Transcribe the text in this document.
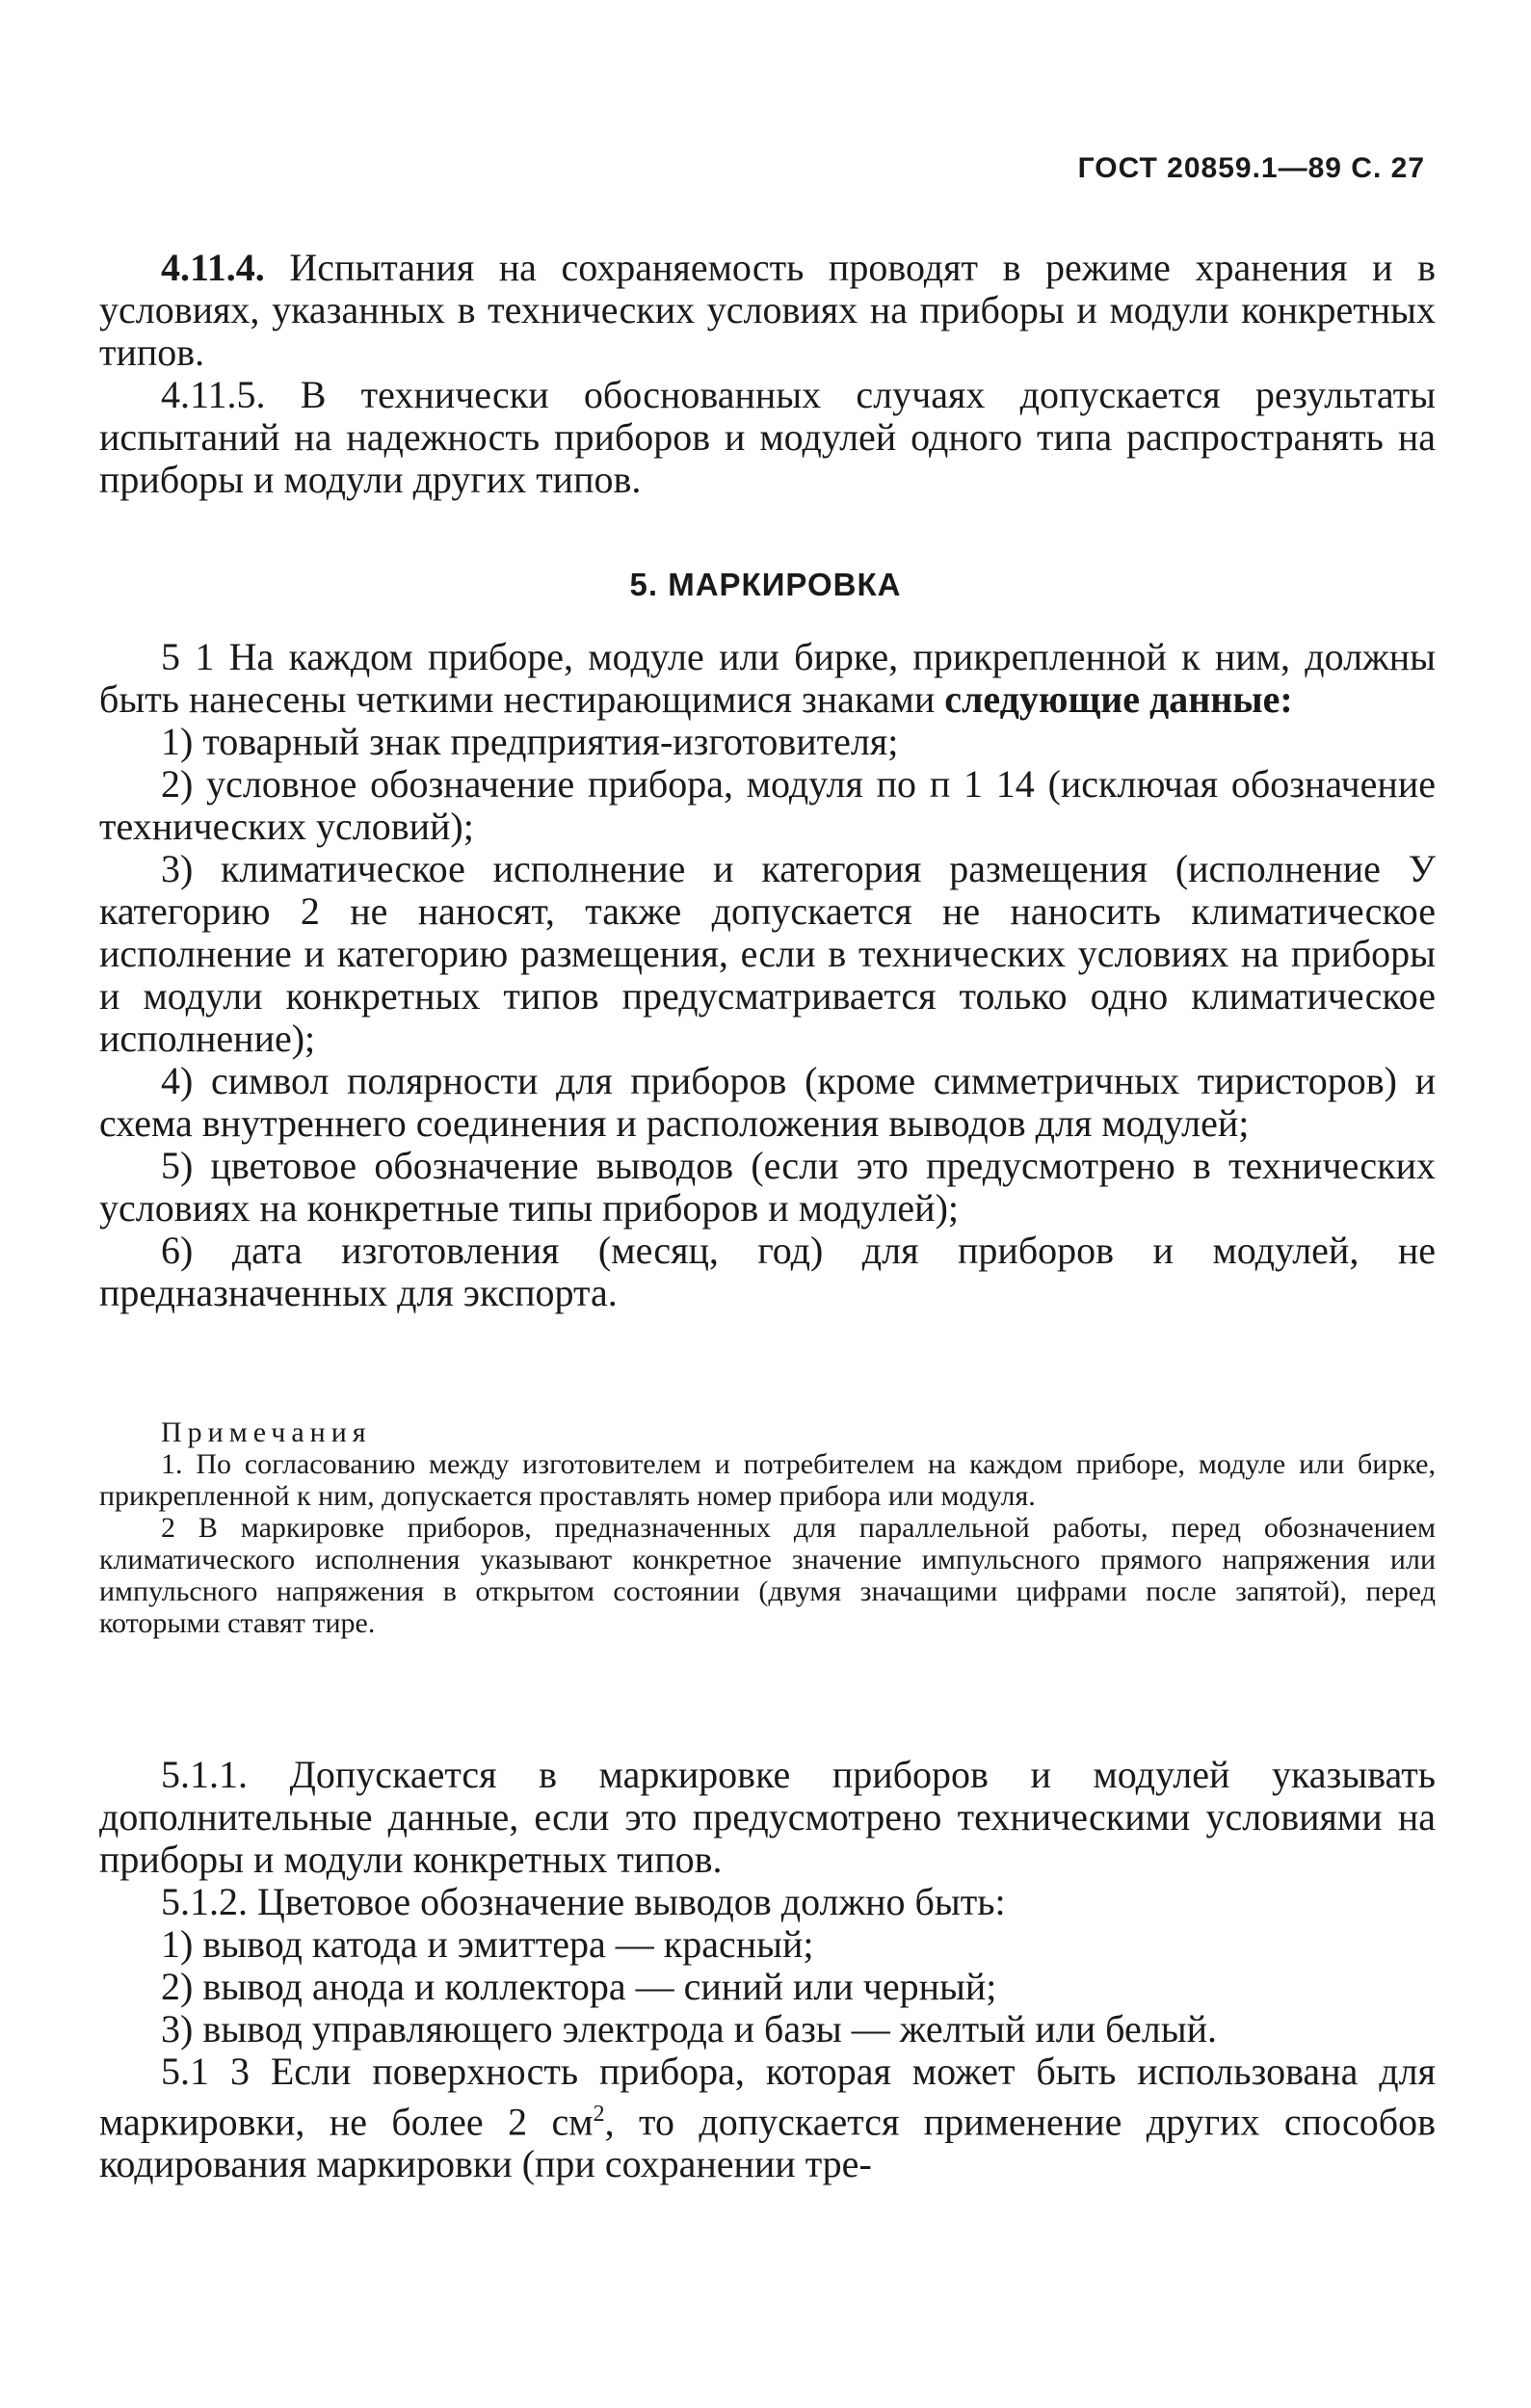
ГОСТ 20859.1—89 С. 27

4.11.4. Испытания на сохраняемость проводят в режиме хранения и в условиях, указанных в технических условиях на приборы и модули конкретных типов.

4.11.5. В технически обоснованных случаях допускается результаты испытаний на надежность приборов и модулей одного типа распространять на приборы и модули других типов.

5. МАРКИРОВКА

5 1 На каждом приборе, модуле или бирке, прикрепленной к ним, должны быть нанесены четкими нестирающимися знаками следующие данные:

1) товарный знак предприятия-изготовителя;

2) условное обозначение прибора, модуля по п 1 14 (исключая обозначение технических условий);

3) климатическое исполнение и категория размещения (исполнение У категорию 2 не наносят, также допускается не наносить климатическое исполнение и категорию размещения, если в технических условиях на приборы и модули конкретных типов предусматривается только одно климатическое исполнение);

4) символ полярности для приборов (кроме симметричных тиристоров) и схема внутреннего соединения и расположения выводов для модулей;

5) цветовое обозначение выводов (если это предусмотрено в технических условиях на конкретные типы приборов и модулей);

6) дата изготовления (месяц, год) для приборов и модулей, не предназначенных для экспорта.

Примечания

1. По согласованию между изготовителем и потребителем на каждом приборе, модуле или бирке, прикрепленной к ним, допускается проставлять номер прибора или модуля.

2 В маркировке приборов, предназначенных для параллельной работы, перед обозначением климатического исполнения указывают конкретное значение импульсного прямого напряжения или импульсного напряжения в открытом состоянии (двумя значащими цифрами после запятой), перед которыми ставят тире.

5.1.1. Допускается в маркировке приборов и модулей указывать дополнительные данные, если это предусмотрено техническими условиями на приборы и модули конкретных типов.

5.1.2. Цветовое обозначение выводов должно быть:

1) вывод катода и эмиттера — красный;

2) вывод анода и коллектора — синий или черный;

3) вывод управляющего электрода и базы — желтый или белый.

5.1 3 Если поверхность прибора, которая может быть использована для маркировки, не более 2 $см^2$, то допускается применение других способов кодирования маркировки (при сохранении тре-
